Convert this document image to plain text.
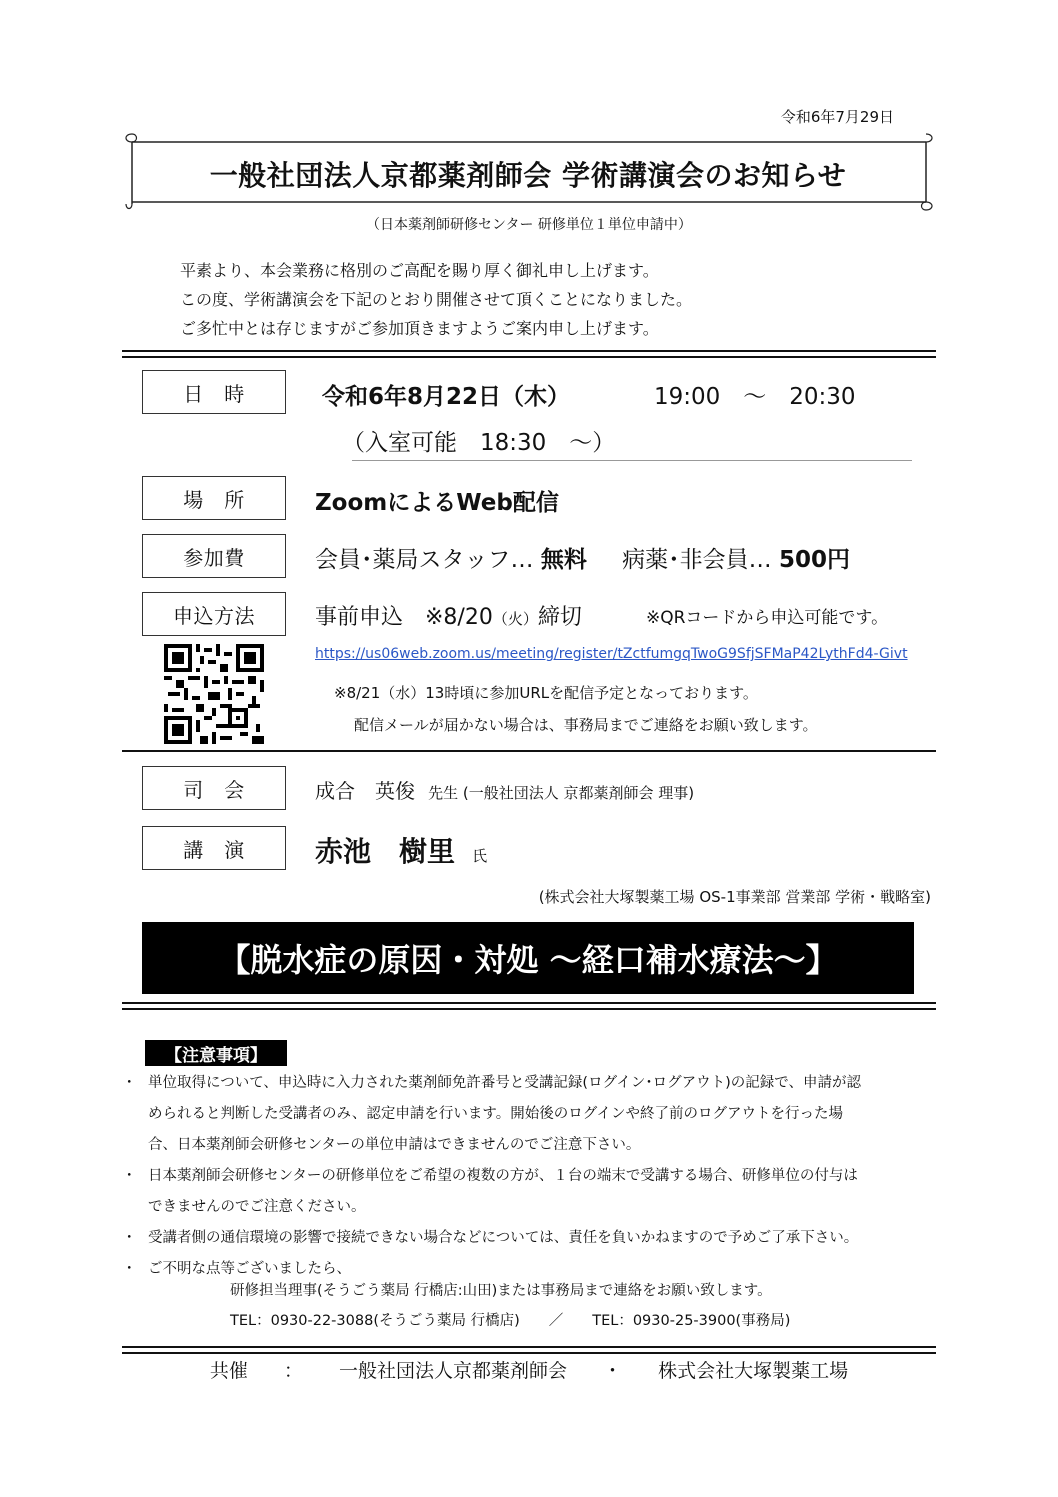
令和6年7月29日
一般社団法人京都薬剤師会 学術講演会のお知らせ
（日本薬剤師研修センター 研修単位１単位申請中）
平素より、本会業務に格別のご高配を賜り厚く御礼申し上げます。
この度、学術講演会を下記のとおり開催させて頂くことになりました。
ご多忙中とは存じますがご参加頂きますようご案内申し上げます。
日　時	令和6年8月22日（木）	19:00　～　20:30
（入室可能　18:30　～）
場　所	ZoomによるWeb配信
参加費	会員･薬局スタッフ… 無料 病薬･非会員… 500円
申込方法	事前申込　※8/20（火）締切	※QRコードから申込可能です。
https://us06web.zoom.us/meeting/register/tZctfumgqTwoG9SfjSFMaP42LythFd4-Givt
※8/21（水）13時頃に参加URLを配信予定となっております。
配信メールが届かない場合は、事務局までご連絡をお願い致します。
司　会	成合　英俊 先生 (一般社団法人 京都薬剤師会 理事)
講　演	赤池　樹里 氏
(株式会社大塚製薬工場 OS-1事業部 営業部 学術・戦略室)
【脱水症の原因・対処 ～経口補水療法～】
【注意事項】
・ 単位取得について、申込時に入力された薬剤師免許番号と受講記録(ログイン･ログアウト)の記録で、申請が認
められると判断した受講者のみ、認定申請を行います。開始後のログインや終了前のログアウトを行った場
合、日本薬剤師会研修センターの単位申請はできませんのでご注意下さい。
・ 日本薬剤師会研修センターの研修単位をご希望の複数の方が、１台の端末で受講する場合、研修単位の付与は
できませんのでご注意ください。
・ 受講者側の通信環境の影響で接続できない場合などについては、責任を負いかねますので予めご了承下さい。
・ ご不明な点等ございましたら、
研修担当理事(そうごう薬局 行橋店:山田)または事務局まで連絡をお願い致します。
TEL：0930-22-3088(そうごう薬局 行橋店)　　／　　TEL：0930-25-3900(事務局)
共催 ： 一般社団法人京都薬剤師会 ・ 株式会社大塚製薬工場
